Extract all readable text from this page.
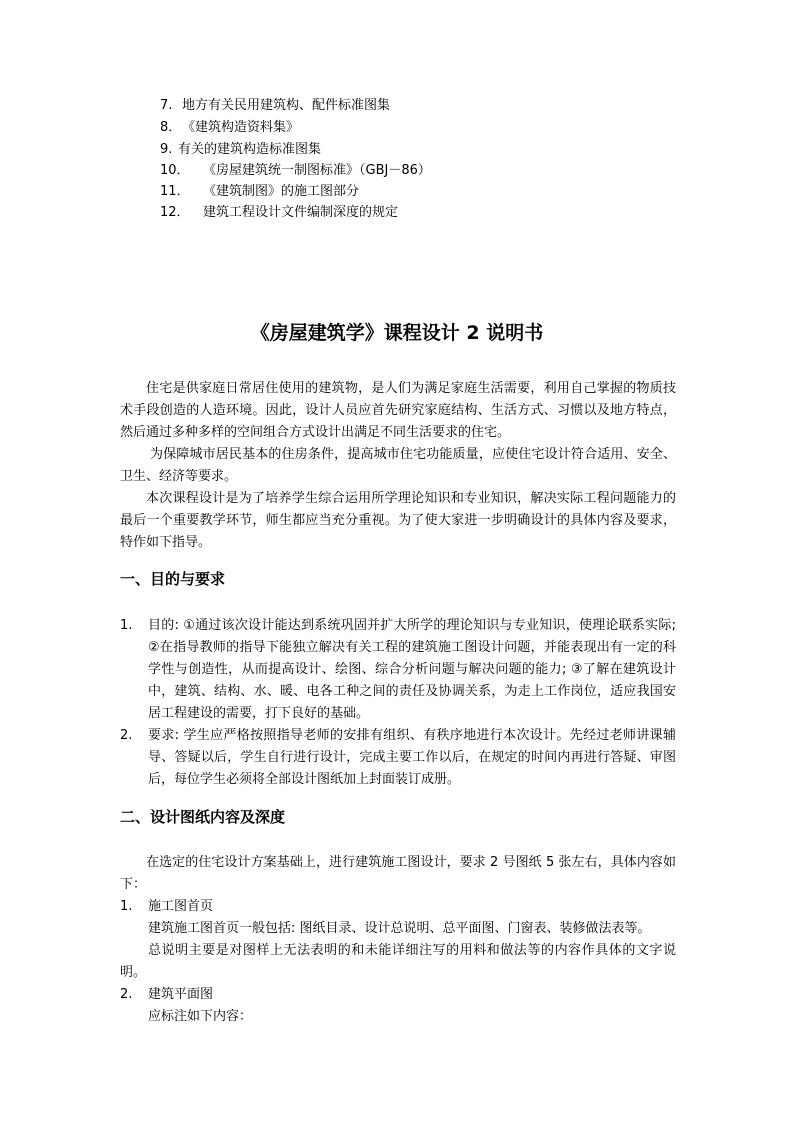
7. 地方有关民用建筑构、配件标准图集
8． 《建筑构造资料集》
9. 有关的建筑构造标准图集
10． 《房屋建筑统一制图标准》（GBJ－86）
11． 《建筑制图》的施工图部分
12． 建筑工程设计文件编制深度的规定
《房屋建筑学》课程设计 2 说明书
住宅是供家庭日常居住使用的建筑物，是人们为满足家庭生活需要，利用自己掌握的物质技术手段创造的人造环境。因此，设计人员应首先研究家庭结构、生活方式、习惯以及地方特点，然后通过多种多样的空间组合方式设计出满足不同生活要求的住宅。
为保障城市居民基本的住房条件，提高城市住宅功能质量，应使住宅设计符合适用、安全、卫生、经济等要求。
本次课程设计是为了培养学生综合运用所学理论知识和专业知识，解决实际工程问题能力的最后一个重要教学环节，师生都应当充分重视。为了使大家进一步明确设计的具体内容及要求，特作如下指导。
一、目的与要求
1.	目的: ①通过该次设计能达到系统巩固并扩大所学的理论知识与专业知识，使理论联系实际; ②在指导教师的指导下能独立解决有关工程的建筑施工图设计问题，并能表现出有一定的科学性与创造性，从而提高设计、绘图、综合分析问题与解决问题的能力; ③了解在建筑设计中，建筑、结构、水、暖、电各工种之间的责任及协调关系，为走上工作岗位，适应我国安居工程建设的需要，打下良好的基础。
2.	要求: 学生应严格按照指导老师的安排有组织、有秩序地进行本次设计。先经过老师讲课辅导、答疑以后，学生自行进行设计，完成主要工作以后，在规定的时间内再进行答疑、审图后，每位学生必须将全部设计图纸加上封面装订成册。
二、设计图纸内容及深度
在选定的住宅设计方案基础上，进行建筑施工图设计，要求 2 号图纸 5 张左右，具体内容如下：
1.	施工图首页
建筑施工图首页一般包括: 图纸目录、设计总说明、总平面图、门窗表、装修做法表等。
总说明主要是对图样上无法表明的和未能详细注写的用料和做法等的内容作具体的文字说明。
2.	建筑平面图
应标注如下内容：
